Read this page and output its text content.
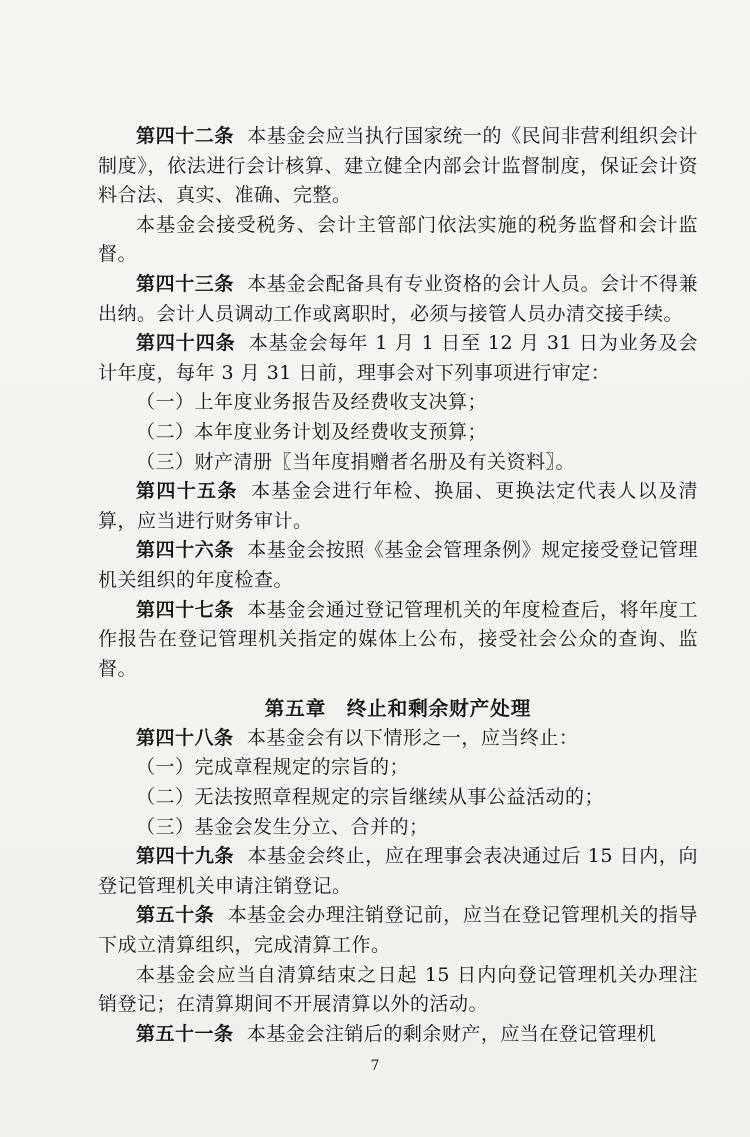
第四十二条 本基金会应当执行国家统一的《民间非营利组织会计制度》，依法进行会计核算、建立健全内部会计监督制度，保证会计资料合法、真实、准确、完整。

本基金会接受税务、会计主管部门依法实施的税务监督和会计监督。

第四十三条 本基金会配备具有专业资格的会计人员。会计不得兼出纳。会计人员调动工作或离职时，必须与接管人员办清交接手续。

第四十四条 本基金会每年 1 月 1 日至 12 月 31 日为业务及会计年度，每年 3 月 31 日前，理事会对下列事项进行审定：

（一）上年度业务报告及经费收支决算；

（二）本年度业务计划及经费收支预算；

（三）财产清册〖当年度捐赠者名册及有关资料〗。

第四十五条 本基金会进行年检、换届、更换法定代表人以及清算，应当进行财务审计。

第四十六条 本基金会按照《基金会管理条例》规定接受登记管理机关组织的年度检查。

第四十七条 本基金会通过登记管理机关的年度检查后，将年度工作报告在登记管理机关指定的媒体上公布，接受社会公众的查询、监督。

第五章　终止和剩余财产处理

第四十八条 本基金会有以下情形之一，应当终止：

（一）完成章程规定的宗旨的；

（二）无法按照章程规定的宗旨继续从事公益活动的；

（三）基金会发生分立、合并的；

第四十九条 本基金会终止，应在理事会表决通过后 15 日内，向登记管理机关申请注销登记。

第五十条 本基金会办理注销登记前，应当在登记管理机关的指导下成立清算组织，完成清算工作。

本基金会应当自清算结束之日起 15 日内向登记管理机关办理注销登记；在清算期间不开展清算以外的活动。

第五十一条 本基金会注销后的剩余财产，应当在登记管理机

7
